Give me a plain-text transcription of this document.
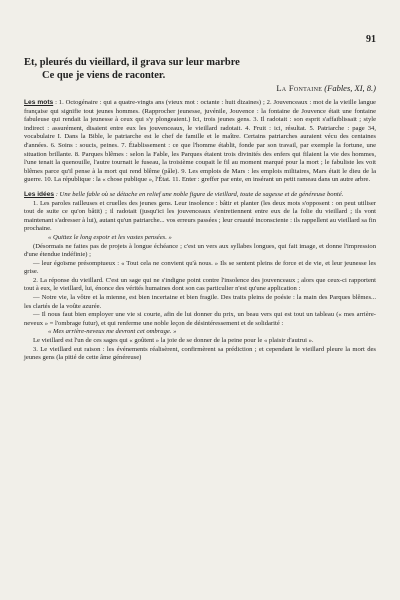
91
Et, pleurés du vieillard, il grava sur leur marbre
Ce que je viens de raconter.
La Fontaine (Fables, XI, 8.)

Les mots : 1. Octogénaire : qui a quatre-vingts ans (vieux mot : octante : huit dizaines) ; 2. Jouvenceaux : mot de la vieille langue française qui signifie tout jeunes hommes. (Rapprocher jeunesse, juvénile, Jouvence : la fontaine de Jouvence était une fontaine fabuleuse qui rendait la jeunesse à ceux qui s'y plongeaient.) Ici, trois jeunes gens. 3. Il radotait : son esprit s'affaiblissait ; style indirect : assurément, disaient entre eux les jouvenceaux, le vieillard radotait. 4. Fruit : ici, résultat. 5. Patriarche : page 34, vocabulaire I. Dans la Bible, le patriarche est le chef de famille et le maître. Certains patriarches auraient vécu des centaines d'années. 6. Soins : soucis, peines. 7. Établissement : ce que l'homme établit, fonde par son travail, par exemple la fortune, une situation brillante. 8. Parques blêmes : selon la Fable, les Parques étaient trois divinités des enfers qui filaient la vie des hommes, l'une tenait la quenouille, l'autre tournait le fuseau, la troisième coupait le fil au moment marqué pour la mort ; le fabuliste les voit blêmes parce qu'il pense à la mort qui rend blême (pâle). 9. Les emplois de Mars : les emplois militaires, Mars était le dieu de la guerre. 10. La république : la « chose publique », l'État. 11. Enter : greffer par ente, en insérant un petit rameau dans un autre arbre.

Les idées : Une belle fable où se détache en relief une noble figure de vieillard, toute de sagesse et de généreuse bonté.

1. Les paroles railleuses et cruelles des jeunes gens. Leur insolence : bâtir et planter (les deux mots s'opposent : on peut utiliser tout de suite ce qu'on bâtit) ; il radotait (jusqu'ici les jouvenceaux s'entretiennent entre eux de la folie du vieillard ; ils vont maintenant s'adresser à lui), autant qu'un patriarche... vos erreurs passées ; leur cruauté inconsciente : ils rappellent au vieillard sa fin prochaine.

« Quittez le long espoir et les vastes pensées. »

(Désormais ne faites pas de projets à longue échéance ; c'est un vers aux syllabes longues, qui fait image, et donne l'impression d'une étendue indéfinie) ;

— leur égoïsme présomptueux : « Tout cela ne convient qu'à nous. » Ils se sentent pleins de force et de vie, et leur jeunesse les grise.

2. La réponse du vieillard. C'est un sage qui ne s'indigne point contre l'insolence des jouvenceaux ; alors que ceux-ci rapportent tout à eux, le vieillard, lui, énonce des vérités humaines dont son cas particulier n'est qu'une application :

— Notre vie, la vôtre et la mienne, est bien incertaine et bien fragile. Des traits pleins de poésie : la main des Parques blêmes... les clartés de la voûte azurée.

— Il nous faut bien employer une vie si courte, afin de lui donner du prix, un beau vers qui est tout un tableau (« mes arrière-neveux » = l'ombrage futur), et qui renferme une noble leçon de désintéressement et de solidarité :

« Mes arrière-neveux me devront cet ombrage. »

Le vieillard est l'un de ces sages qui « goûtent » la joie de se donner de la peine pour le « plaisir d'autrui ».

3. Le vieillard eut raison : les événements réalisèrent, confirmèrent sa prédiction ; et cependant le vieillard pleure la mort des jeunes gens (la pitié de cette âme généreuse)
